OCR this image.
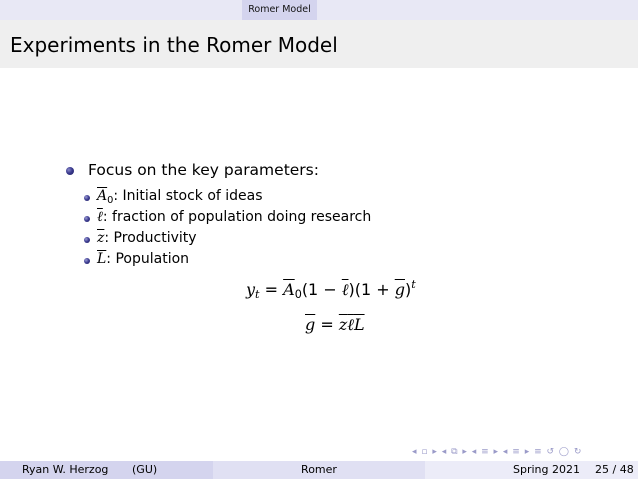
Romer Model
Experiments in the Romer Model
Focus on the key parameters:
$\overline{A}_0$: Initial stock of ideas
ℓ: fraction of population doing research
$\overline{z}$: Productivity
$\overline{L}$: Population
$y_t = \overline{A}_0(1$ − ℓ)(1 + $\overline{g})^t$
$\overline{g}$ = $\overline{z}\ell\overline{L}$
◂ ▫ ▸ ◂ ⧉ ▸ ◂ ≡ ▸ ◂ ≡ ▸ ≡ ↺ ◯ ↻
Ryan W. Herzog (GU)	Romer	Spring 2021 25 / 48
